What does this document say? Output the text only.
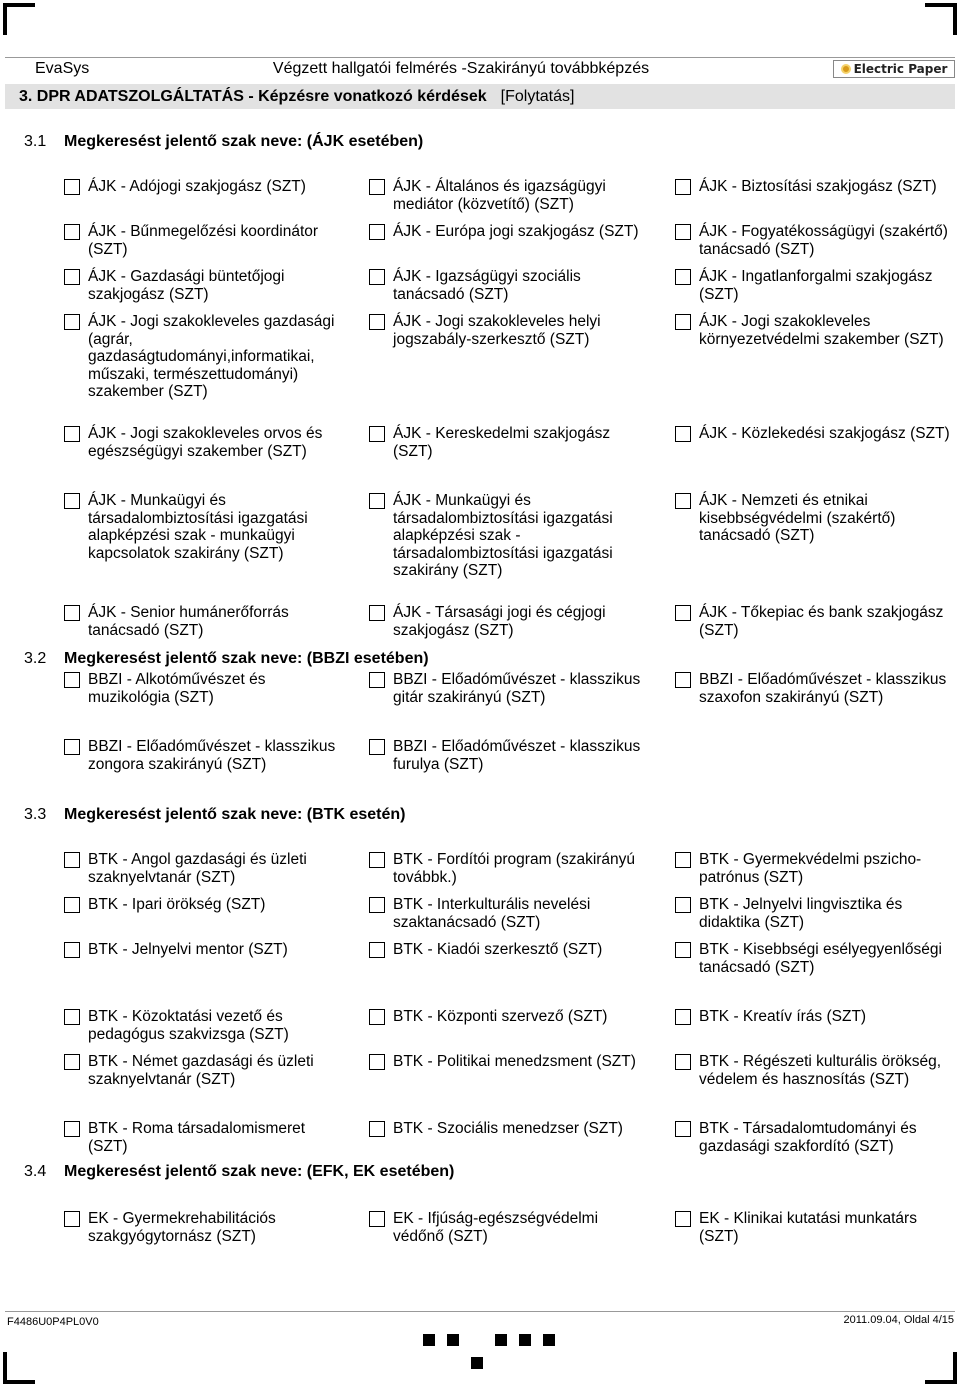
EvaSys	Végzett hallgatói felmérés -Szakirányú továbbképzés	Electric Paper
3. DPR ADATSZOLGÁLTATÁS - Képzésre vonatkozó kérdések [Folytatás]
3.1 Megkeresést jelentő szak neve: (ÁJK esetében)
3.2 Megkeresést jelentő szak neve: (BBZI esetében)
3.3 Megkeresést jelentő szak neve: (BTK esetén)
3.4 Megkeresést jelentő szak neve: (EFK, EK esetében)
ÁJK - Adójogi szakjogász (SZT)	ÁJK - Általános és igazságügyi mediátor (közvetítő) (SZT)
ÁJK - Biztosítási szakjogász (SZT)
ÁJK - Bűnmegelőzési koordinátor (SZT)
ÁJK - Európa jogi szakjogász (SZT)	ÁJK - Fogyatékosságügyi (szakértő) tanácsadó (SZT)
ÁJK - Gazdasági büntetőjogi szakjogász (SZT)
ÁJK - Igazságügyi szociális tanácsadó (SZT)
ÁJK - Ingatlanforgalmi szakjogász (SZT)
ÁJK - Jogi szakokleveles gazdasági (agrár, gazdaságtudományi,informatikai, műszaki, természettudományi) szakember (SZT)
ÁJK - Jogi szakokleveles helyi jogszabály-szerkesztő (SZT)
ÁJK - Jogi szakokleveles környezetvédelmi szakember (SZT)
ÁJK - Jogi szakokleveles orvos és egészségügyi szakember (SZT)
ÁJK - Kereskedelmi szakjogász (SZT)
ÁJK - Közlekedési szakjogász (SZT)
ÁJK - Munkaügyi és társadalombiztosítási igazgatási alapképzési szak - munkaügyi kapcsolatok szakirány (SZT)
ÁJK - Munkaügyi és társadalombiztosítási igazgatási alapképzési szak - társadalombiztosítási igazgatási szakirány (SZT)
ÁJK - Nemzeti és etnikai kisebbségvédelmi (szakértő) tanácsadó (SZT)
ÁJK - Senior humánerőforrás tanácsadó (SZT)
ÁJK - Társasági jogi és cégjogi szakjogász (SZT)
ÁJK - Tőkepiac és bank szakjogász (SZT)
BBZI - Alkotóművészet és muzikológia (SZT)
BBZI - Előadóművészet - klasszikus gitár szakirányú (SZT)
BBZI - Előadóművészet - klasszikus szaxofon szakirányú (SZT)
BBZI - Előadóművészet - klasszikus zongora szakirányú (SZT)
BBZI - Előadóművészet - klasszikus furulya (SZT)
BTK - Angol gazdasági és üzleti szaknyelvtanár (SZT)
BTK - Fordítói program (szakirányú továbbk.)
BTK - Gyermekvédelmi pszicho-patrónus (SZT)
BTK - Ipari örökség (SZT)	BTK - Interkulturális nevelési szaktanácsadó (SZT)
BTK - Jelnyelvi lingvisztika és didaktika (SZT)
BTK - Jelnyelvi mentor (SZT)	BTK - Kiadói szerkesztő (SZT)	BTK - Kisebbségi esélyegyenlőségi tanácsadó (SZT)
BTK - Közoktatási vezető és pedagógus szakvizsga (SZT)
BTK - Központi szervező (SZT)	BTK - Kreatív írás (SZT)
BTK - Német gazdasági és üzleti szaknyelvtanár (SZT)
BTK - Politikai menedzsment (SZT)	BTK - Régészeti kulturális örökség, védelem és hasznosítás (SZT)
BTK - Roma társadalomismeret (SZT)
BTK - Szociális menedzser (SZT)	BTK - Társadalomtudományi és gazdasági szakfordító (SZT)
EK - Gyermekrehabilitációs szakgyógytornász (SZT)
EK - Ifjúság-egészségvédelmi védőnő (SZT)
EK - Klinikai kutatási munkatárs (SZT)
F4486U0P4PL0V0	2011.09.04, Oldal 4/15
